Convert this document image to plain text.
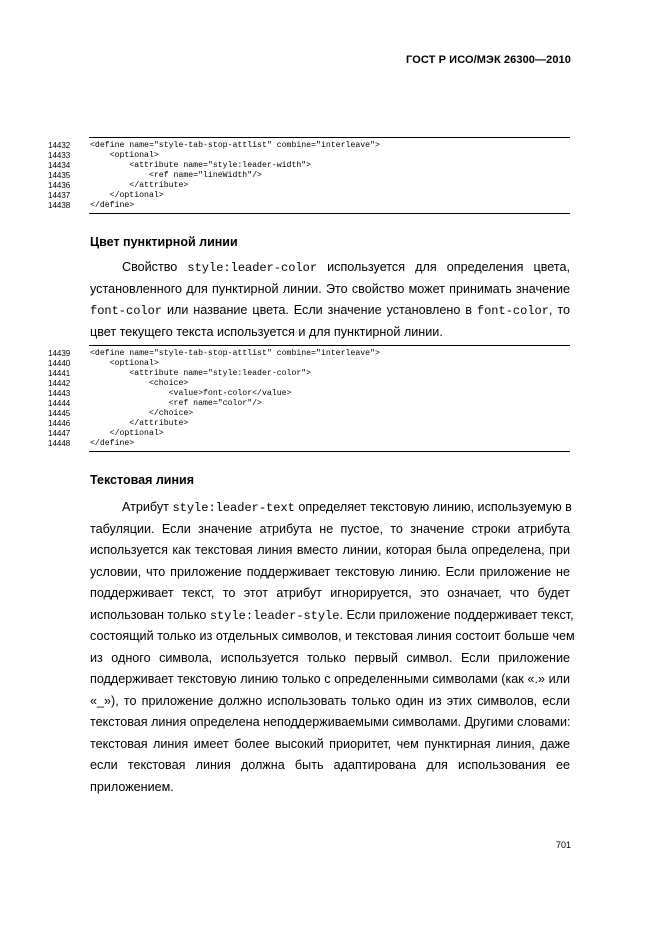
ГОСТ Р ИСО/МЭК 26300—2010
14432	<define name="style-tab-stop-attlist" combine="interleave">
14433	<optional>
14434	<attribute name="style:leader-width">
14435	<ref name="lineWidth"/>
14436	</attribute>
14437	</optional>
14438	</define>
Цвет пунктирной линии
Свойство style:leader-color используется для определения цвета,
установленного для пунктирной линии. Это свойство может принимать значение
font-color или название цвета. Если значение установлено в font-color, то
цвет текущего текста используется и для пунктирной линии.
14439	<define name="style-tab-stop-attlist" combine="interleave">
14440	<optional>
14441	<attribute name="style:leader-color">
14442	<choice>
14443	<value>font-color</value>
14444	<ref name="color"/>
14445	</choice>
14446	</attribute>
14447	</optional>
14448	</define>
Текстовая линия
Атрибут style:leader-text определяет текстовую линию, используемую в
табуляции. Если значение атрибута не пустое, то значение строки атрибута
используется как текстовая линия вместо линии, которая была определена, при
условии, что приложение поддерживает текстовую линию. Если приложение не
поддерживает текст, то этот атрибут игнорируется, это означает, что будет
использован только style:leader-style. Если приложение поддерживает текст,
состоящий только из отдельных символов, и текстовая линия состоит больше чем
из одного символа, используется только первый символ. Если приложение
поддерживает текстовую линию только с определенными символами (как «.» или
«_»), то приложение должно использовать только один из этих символов, если
текстовая линия определена неподдерживаемыми символами. Другими словами:
текстовая линия имеет более высокий приоритет, чем пунктирная линия, даже
если текстовая линия должна быть адаптирована для использования ее
приложением.
701
